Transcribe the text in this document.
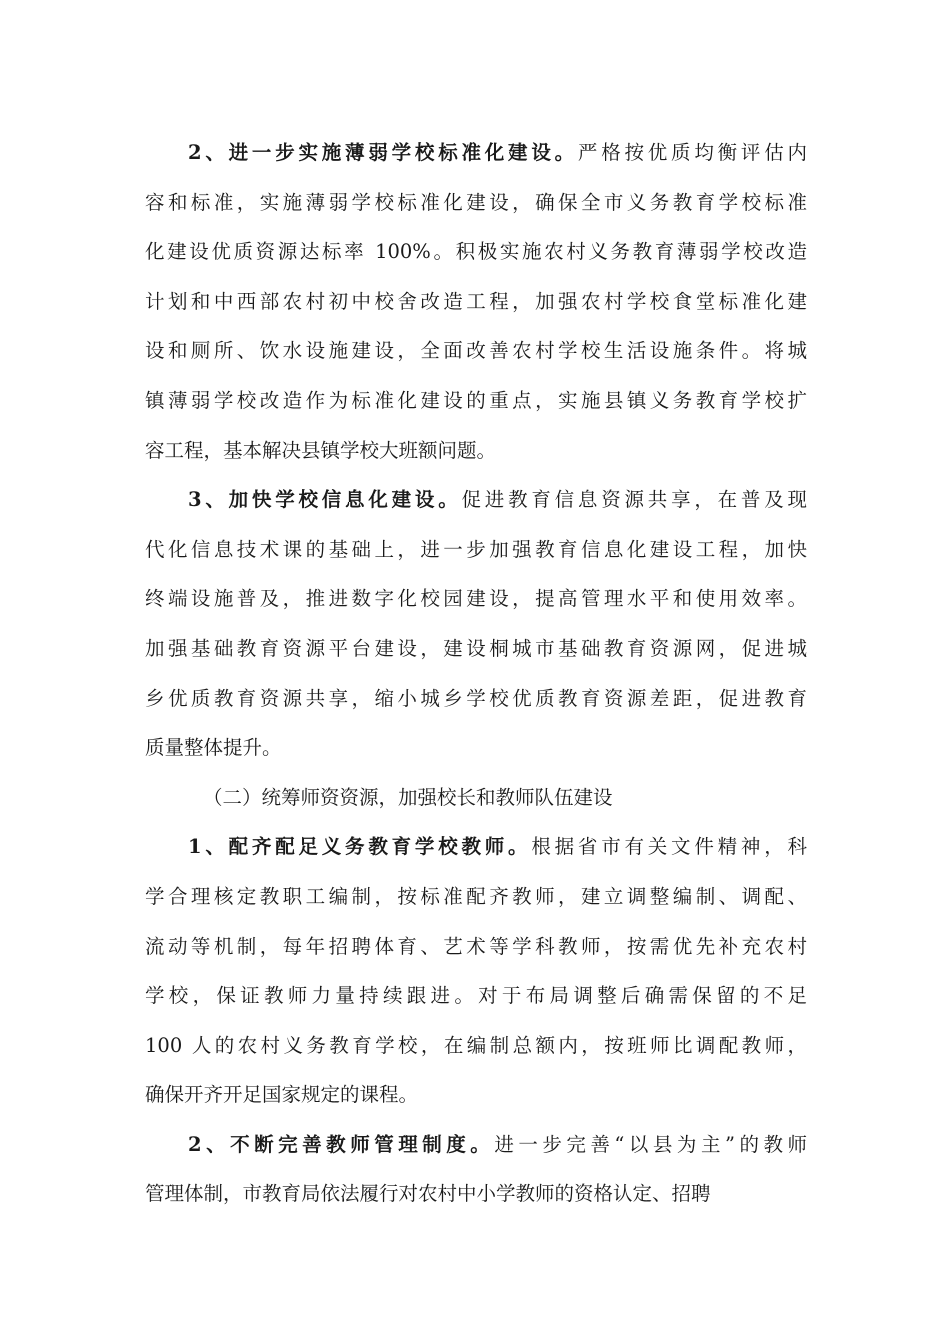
2、进一步实施薄弱学校标准化建设。严格按优质均衡评估内
容和标准，实施薄弱学校标准化建设，确保全市义务教育学校标准
化建设优质资源达标率 100%。积极实施农村义务教育薄弱学校改造
计划和中西部农村初中校舍改造工程，加强农村学校食堂标准化建
设和厕所、饮水设施建设，全面改善农村学校生活设施条件。将城
镇薄弱学校改造作为标准化建设的重点，实施县镇义务教育学校扩
容工程，基本解决县镇学校大班额问题。
3、加快学校信息化建设。促进教育信息资源共享，在普及现
代化信息技术课的基础上，进一步加强教育信息化建设工程，加快
终端设施普及，推进数字化校园建设，提高管理水平和使用效率。
加强基础教育资源平台建设，建设桐城市基础教育资源网，促进城
乡优质教育资源共享，缩小城乡学校优质教育资源差距，促进教育
质量整体提升。
（二）统筹师资资源，加强校长和教师队伍建设
1、配齐配足义务教育学校教师。根据省市有关文件精神，科
学合理核定教职工编制，按标准配齐教师，建立调整编制、调配、
流动等机制，每年招聘体育、艺术等学科教师，按需优先补充农村
学校，保证教师力量持续跟进。对于布局调整后确需保留的不足
100 人的农村义务教育学校，在编制总额内，按班师比调配教师，
确保开齐开足国家规定的课程。
2、不断完善教师管理制度。进一步完善“以县为主”的教师
管理体制，市教育局依法履行对农村中小学教师的资格认定、招聘
